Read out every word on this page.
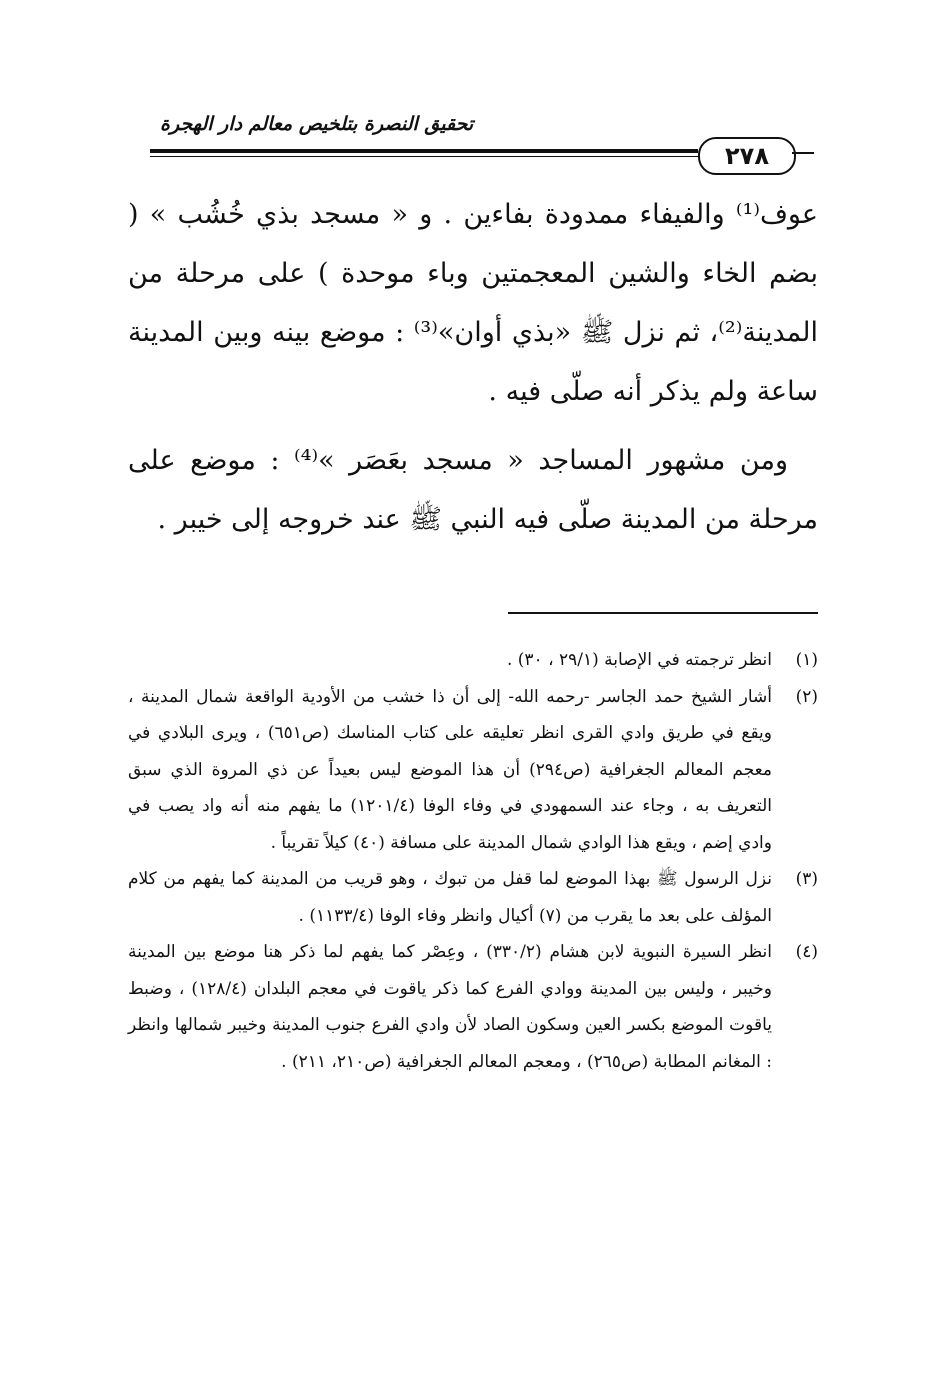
تحقيق النصرة بتلخيص معالم دار الهجرة
٢٧٨

عوف⁽¹⁾ والفيفاء ممدودة بفاءين . و « مسجد بذي خُشُب » ( بضم الخاء والشين المعجمتين وباء موحدة ) على مرحلة من المدينة⁽²⁾، ثم نزل ﷺ «بذي أوان»⁽³⁾ : موضع بينه وبين المدينة ساعة ولم يذكر أنه صلّى فيه .

ومن مشهور المساجد « مسجد بعَصَر »⁽⁴⁾ : موضع على مرحلة من المدينة صلّى فيه النبي ﷺ عند خروجه إلى خيبر .

(١)
انظر ترجمته في الإصابة (٢٩/١ ، ٣٠) .
(٢)
أشار الشيخ حمد الجاسر -رحمه الله- إلى أن ذا خشب من الأودية الواقعة شمال المدينة ، ويقع في طريق وادي القرى انظر تعليقه على كتاب المناسك (ص٦٥١) ، ويرى البلادي في معجم المعالم الجغرافية (ص٢٩٤) أن هذا الموضع ليس بعيداً عن ذي المروة الذي سبق التعريف به ، وجاء عند السمهودي في وفاء الوفا (١٢٠١/٤) ما يفهم منه أنه واد يصب في وادي إضم ، ويقع هذا الوادي شمال المدينة على مسافة (٤٠) كيلاً تقريباً .
(٣)
نزل الرسول ﷺ بهذا الموضع لما قفل من تبوك ، وهو قريب من المدينة كما يفهم من كلام المؤلف على بعد ما يقرب من (٧) أكيال وانظر وفاء الوفا (١١٣٣/٤) .
(٤)
انظر السيرة النبوية لابن هشام (٣٣٠/٢) ، وعِصْر كما يفهم لما ذكر هنا موضع بين المدينة وخيبر ، وليس بين المدينة ووادي الفرع كما ذكر ياقوت في معجم البلدان (١٢٨/٤) ، وضبط ياقوت الموضع بكسر العين وسكون الصاد لأن وادي الفرع جنوب المدينة وخيبر شمالها وانظر : المغانم المطابة (ص٢٦٥) ، ومعجم المعالم الجغرافية (ص٢١٠، ٢١١) .
